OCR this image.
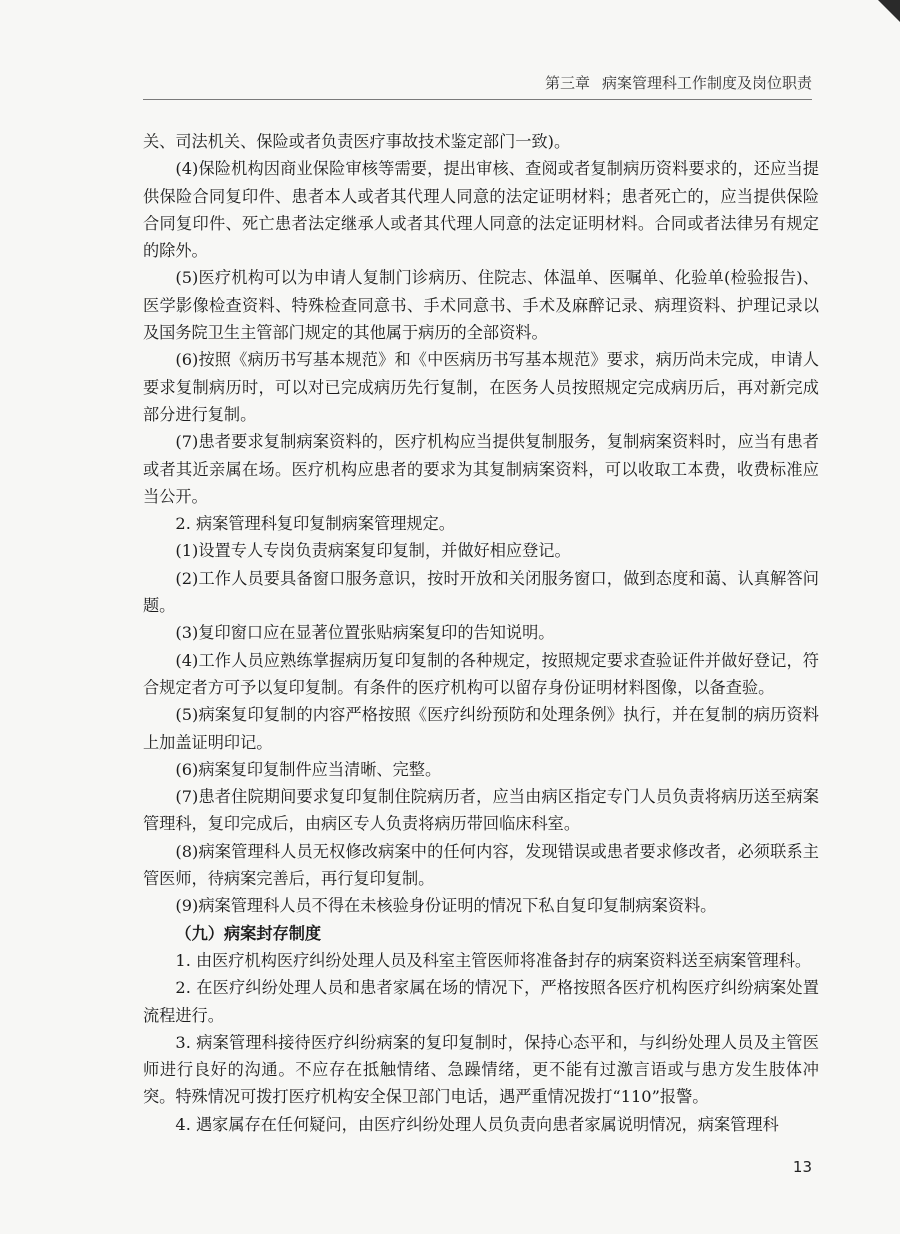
第三章 病案管理科工作制度及岗位职责

关、司法机关、保险或者负责医疗事故技术鉴定部门一致)。

(4)保险机构因商业保险审核等需要，提出审核、查阅或者复制病历资料要求的，还应当提供保险合同复印件、患者本人或者其代理人同意的法定证明材料；患者死亡的，应当提供保险合同复印件、死亡患者法定继承人或者其代理人同意的法定证明材料。合同或者法律另有规定的除外。

(5)医疗机构可以为申请人复制门诊病历、住院志、体温单、医嘱单、化验单(检验报告)、医学影像检查资料、特殊检查同意书、手术同意书、手术及麻醉记录、病理资料、护理记录以及国务院卫生主管部门规定的其他属于病历的全部资料。

(6)按照《病历书写基本规范》和《中医病历书写基本规范》要求，病历尚未完成，申请人要求复制病历时，可以对已完成病历先行复制，在医务人员按照规定完成病历后，再对新完成部分进行复制。

(7)患者要求复制病案资料的，医疗机构应当提供复制服务，复制病案资料时，应当有患者或者其近亲属在场。医疗机构应患者的要求为其复制病案资料，可以收取工本费，收费标准应当公开。

2. 病案管理科复印复制病案管理规定。

(1)设置专人专岗负责病案复印复制，并做好相应登记。

(2)工作人员要具备窗口服务意识，按时开放和关闭服务窗口，做到态度和蔼、认真解答问题。

(3)复印窗口应在显著位置张贴病案复印的告知说明。

(4)工作人员应熟练掌握病历复印复制的各种规定，按照规定要求查验证件并做好登记，符合规定者方可予以复印复制。有条件的医疗机构可以留存身份证明材料图像，以备查验。

(5)病案复印复制的内容严格按照《医疗纠纷预防和处理条例》执行，并在复制的病历资料上加盖证明印记。

(6)病案复印复制件应当清晰、完整。

(7)患者住院期间要求复印复制住院病历者，应当由病区指定专门人员负责将病历送至病案管理科，复印完成后，由病区专人负责将病历带回临床科室。

(8)病案管理科人员无权修改病案中的任何内容，发现错误或患者要求修改者，必须联系主管医师，待病案完善后，再行复印复制。

(9)病案管理科人员不得在未核验身份证明的情况下私自复印复制病案资料。

（九）病案封存制度

1. 由医疗机构医疗纠纷处理人员及科室主管医师将准备封存的病案资料送至病案管理科。

2. 在医疗纠纷处理人员和患者家属在场的情况下，严格按照各医疗机构医疗纠纷病案处置流程进行。

3. 病案管理科接待医疗纠纷病案的复印复制时，保持心态平和，与纠纷处理人员及主管医师进行良好的沟通。不应存在抵触情绪、急躁情绪，更不能有过激言语或与患方发生肢体冲突。特殊情况可拨打医疗机构安全保卫部门电话，遇严重情况拨打“110”报警。

4. 遇家属存在任何疑问，由医疗纠纷处理人员负责向患者家属说明情况，病案管理科

13
